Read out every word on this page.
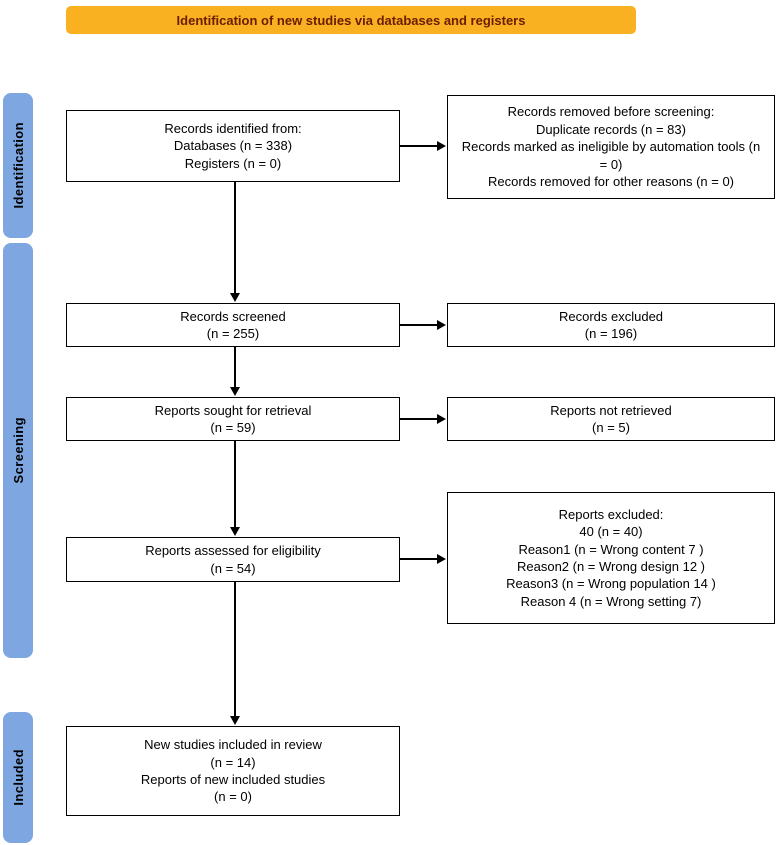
Identification of new studies via databases and registers
Identification
Screening
Included
Records identified from:
Databases (n = 338)
Registers (n = 0)
Records removed before screening:
Duplicate records (n = 83)
Records marked as ineligible by automation tools (n = 0)
Records removed for other reasons (n = 0)
Records screened
(n = 255)
Records excluded
(n = 196)
Reports sought for retrieval
(n = 59)
Reports not retrieved
(n = 5)
Reports assessed for eligibility
(n = 54)
Reports excluded:
40 (n = 40)
Reason1 (n = Wrong content 7 )
Reason2 (n = Wrong design 12 )
Reason3 (n = Wrong population 14 )
Reason 4 (n = Wrong setting 7)
New studies included in review
(n = 14)
Reports of new included studies
(n = 0)
